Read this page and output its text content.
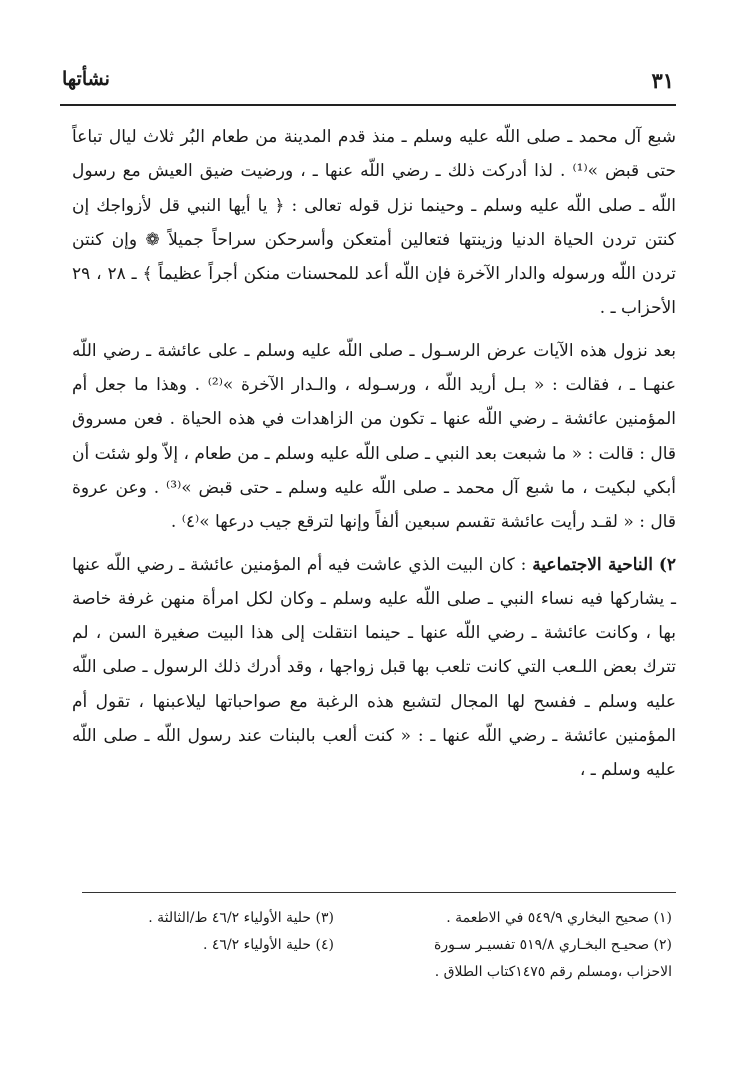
٣١
نشأتها

شبع آل محمد ـ صلى اللّه عليه وسلم ـ منذ قدم المدينة من طعام البُر ثلاث ليال تباعاً حتى قبض »⁽¹⁾ . لذا أدركت ذلك ـ رضي اللّه عنها ـ ، ورضيت ضيق العيش مع رسول اللّه ـ صلى اللّه عليه وسلم ـ وحينما نزل قوله تعالى : ﴿ يا أيها النبي قل لأزواجك إن كنتن تردن الحياة الدنيا وزينتها فتعالين أمتعكن وأسرحكن سراحاً جميلاً ❁ وإن كنتن تردن اللّه ورسوله والدار الآخرة فإن اللّه أعد للمحسنات منكن أجراً عظيماً ﴾ ـ ٢٨ ، ٢٩ الأحزاب ـ .

بعد نزول هذه الآيات عرض الرسـول ـ صلى اللّه عليه وسلم ـ على عائشة ـ رضي اللّه عنهـا ـ ، فقالت : « بـل أريد اللّه ، ورسـوله ، والـدار الآخرة »⁽²⁾ . وهذا ما جعل أم المؤمنين عائشة ـ رضي اللّه عنها ـ تكون من الزاهدات في هذه الحياة . فعن مسروق قال : قالت : « ما شبعت بعد النبي ـ صلى اللّه عليه وسلم ـ من طعام ، إلاّ ولو شئت أن أبكي لبكيت ، ما شبع آل محمد ـ صلى اللّه عليه وسلم ـ حتى قبض »⁽³⁾ . وعن عروة قال : « لقـد رأيت عائشة تقسم سبعين ألفاً وإنها لترقع جيب درعها »⁽٤⁾ .

٢) الناحية الاجتماعية : كان البيت الذي عاشت فيه أم المؤمنين عائشة ـ رضي اللّه عنها ـ يشاركها فيه نساء النبي ـ صلى اللّه عليه وسلم ـ وكان لكل امرأة منهن غرفة خاصة بها ، وكانت عائشة ـ رضي اللّه عنها ـ حينما انتقلت إلى هذا البيت صغيرة السن ، لم تترك بعض اللـعب التي كانت تلعب بها قبل زواجها ، وقد أدرك ذلك الرسول ـ صلى اللّه عليه وسلم ـ ففسح لها المجال لتشبع هذه الرغبة مع صواحباتها ليلاعبنها ، تقول أم المؤمنين عائشة ـ رضي اللّه عنها ـ : « كنت ألعب بالبنات عند رسول اللّه ـ صلى اللّه عليه وسلم ـ ،

(١) صحيح البخاري ٥٤٩/٩ في الاطعمة .
(٢) صحيـح البخـاري ٥١٩/٨ تفسيـر سـورة
الاحزاب ،ومسلم رقم ١٤٧٥كتاب الطلاق .
(٣) حلية الأولياء ٤٦/٢ ط/الثالثة .
(٤) حلية الأولياء ٤٦/٢ .
